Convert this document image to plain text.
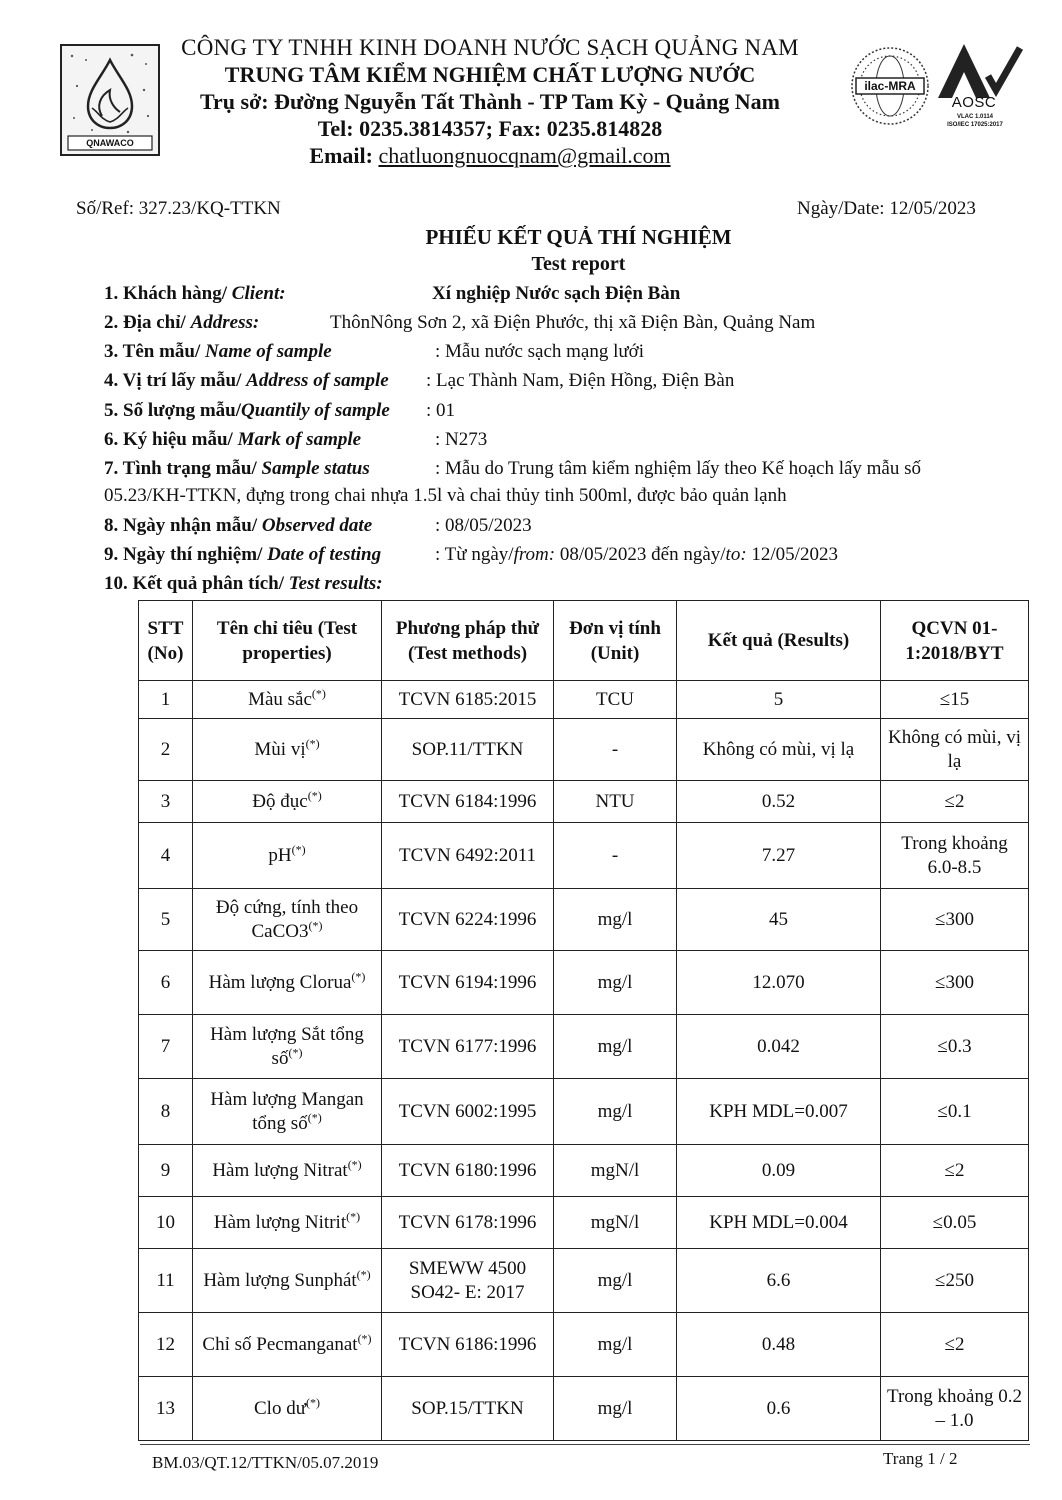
QNAWACO
CÔNG TY TNHH KINH DOANH NƯỚC SẠCH QUẢNG NAM
TRUNG TÂM KIỂM NGHIỆM CHẤT LƯỢNG NƯỚC
Trụ sở: Đường Nguyễn Tất Thành - TP Tam Kỳ - Quảng Nam
Tel: 0235.3814357; Fax: 0235.814828
Email: chatluongnuocqnam@gmail.com
ilac-MRA
AOSC
VLAC 1.0114
ISO/IEC 17025:2017
Số/Ref: 327.23/KQ-TTKN	Ngày/Date: 12/05/2023
PHIẾU KẾT QUẢ THÍ NGHIỆM
Test report
1. Khách hàng/ Client:	Xí nghiệp Nước sạch Điện Bàn
2. Địa chỉ/ Address:	ThônNông Sơn 2, xã Điện Phước, thị xã Điện Bàn, Quảng Nam
3. Tên mẫu/ Name of sample	: Mẫu nước sạch mạng lưới
4. Vị trí lấy mẫu/ Address of sample : Lạc Thành Nam, Điện Hồng, Điện Bàn
5. Số lượng mẫu/Quantily of sample : 01
6. Ký hiệu mẫu/ Mark of sample	: N273
7. Tình trạng mẫu/ Sample status	: Mẫu do Trung tâm kiểm nghiệm lấy theo Kế hoạch lấy mẫu số
05.23/KH-TTKN, đựng trong chai nhựa 1.5l và chai thủy tinh 500ml, được bảo quản lạnh
8. Ngày nhận mẫu/ Observed date	: 08/05/2023
9. Ngày thí nghiệm/ Date of testing	: Từ ngày/from: 08/05/2023 đến ngày/to: 12/05/2023
10. Kết quả phân tích/ Test results:
STT (No)	Tên chỉ tiêu (Test properties)	Phương pháp thử (Test methods)	Đơn vị tính (Unit)	Kết quả (Results)	QCVN 01-1:2018/BYT
1	Màu sắc(*)	TCVN 6185:2015	TCU	5	≤15
2	Mùi vị(*)	SOP.11/TTKN	-	Không có mùi, vị lạ	Không có mùi, vị lạ
3	Độ đục(*)	TCVN 6184:1996	NTU	0.52	≤2
4	pH(*)	TCVN 6492:2011	-	7.27	Trong khoảng 6.0-8.5
5	Độ cứng, tính theo CaCO3(*)	TCVN 6224:1996	mg/l	45	≤300
6	Hàm lượng Clorua(*)	TCVN 6194:1996	mg/l	12.070	≤300
7	Hàm lượng Sắt tổng số(*)	TCVN 6177:1996	mg/l	0.042	≤0.3
8	Hàm lượng Mangan tổng số(*)	TCVN 6002:1995	mg/l	KPH MDL=0.007	≤0.1
9	Hàm lượng Nitrat(*)	TCVN 6180:1996	mgN/l	0.09	≤2
10	Hàm lượng Nitrit(*)	TCVN 6178:1996	mgN/l	KPH MDL=0.004	≤0.05
11	Hàm lượng Sunphát(*)	SMEWW 4500 SO42- E: 2017	mg/l	6.6	≤250
12	Chỉ số Pecmanganat(*)	TCVN 6186:1996	mg/l	0.48	≤2
13	Clo dư(*)	SOP.15/TTKN	mg/l	0.6	Trong khoảng 0.2 – 1.0
BM.03/QT.12/TTKN/05.07.2019	Trang 1 / 2
